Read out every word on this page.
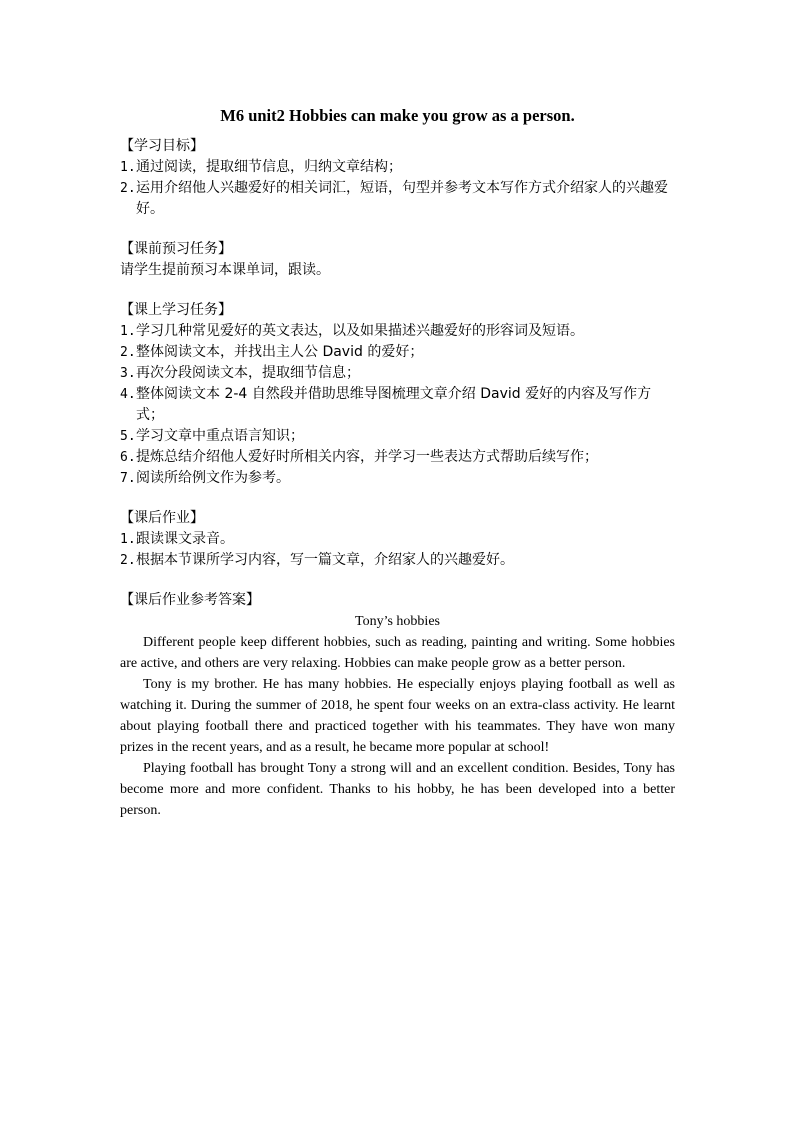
M6 unit2 Hobbies can make you grow as a person.

【学习目标】

1. 通过阅读，提取细节信息，归纳文章结构；
2. 运用介绍他人兴趣爱好的相关词汇，短语，句型并参考文本写作方式介绍家人的兴趣爱好。

【课前预习任务】

请学生提前预习本课单词，跟读。

【课上学习任务】

1. 学习几种常见爱好的英文表达，以及如果描述兴趣爱好的形容词及短语。
2. 整体阅读文本，并找出主人公 David 的爱好；
3. 再次分段阅读文本，提取细节信息；
4. 整体阅读文本 2-4 自然段并借助思维导图梳理文章介绍 David 爱好的内容及写作方式；
5. 学习文章中重点语言知识；
6. 提炼总结介绍他人爱好时所相关内容，并学习一些表达方式帮助后续写作；
7. 阅读所给例文作为参考。

【课后作业】

1. 跟读课文录音。
2. 根据本节课所学习内容，写一篇文章，介绍家人的兴趣爱好。

【课后作业参考答案】

Tony’s hobbies

Different people keep different hobbies, such as reading, painting and writing. Some hobbies are active, and others are very relaxing. Hobbies can make people grow as a better person.

Tony is my brother. He has many hobbies. He especially enjoys playing football as well as watching it. During the summer of 2018, he spent four weeks on an extra-class activity. He learnt about playing football there and practiced together with his teammates. They have won many prizes in the recent years, and as a result, he became more popular at school!

Playing football has brought Tony a strong will and an excellent condition. Besides, Tony has become more and more confident. Thanks to his hobby, he has been developed into a better person.
